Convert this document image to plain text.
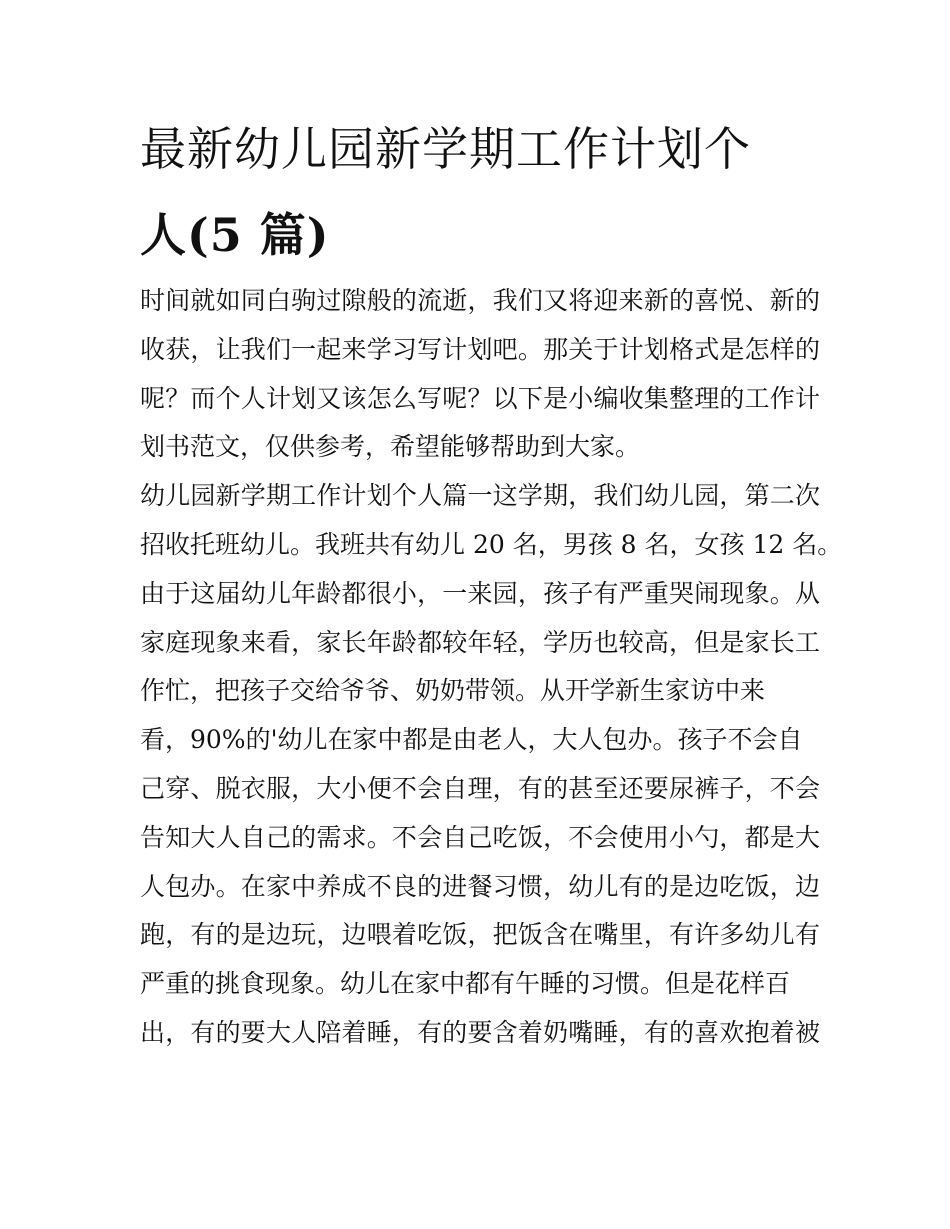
最新幼儿园新学期工作计划个
人(5 篇)
时间就如同白驹过隙般的流逝，我们又将迎来新的喜悦、新的
收获，让我们一起来学习写计划吧。那关于计划格式是怎样的
呢？而个人计划又该怎么写呢？以下是小编收集整理的工作计
划书范文，仅供参考，希望能够帮助到大家。
幼儿园新学期工作计划个人篇一这学期，我们幼儿园，第二次
招收托班幼儿。我班共有幼儿 20 名，男孩 8 名，女孩 12 名。
由于这届幼儿年龄都很小，一来园，孩子有严重哭闹现象。从
家庭现象来看，家长年龄都较年轻，学历也较高，但是家长工
作忙，把孩子交给爷爷、奶奶带领。从开学新生家访中来
看，90%的'幼儿在家中都是由老人，大人包办。孩子不会自
己穿、脱衣服，大小便不会自理，有的甚至还要尿裤子，不会
告知大人自己的需求。不会自己吃饭，不会使用小勺，都是大
人包办。在家中养成不良的进餐习惯，幼儿有的是边吃饭，边
跑，有的是边玩，边喂着吃饭，把饭含在嘴里，有许多幼儿有
严重的挑食现象。幼儿在家中都有午睡的习惯。但是花样百
出，有的要大人陪着睡，有的要含着奶嘴睡，有的喜欢抱着被
